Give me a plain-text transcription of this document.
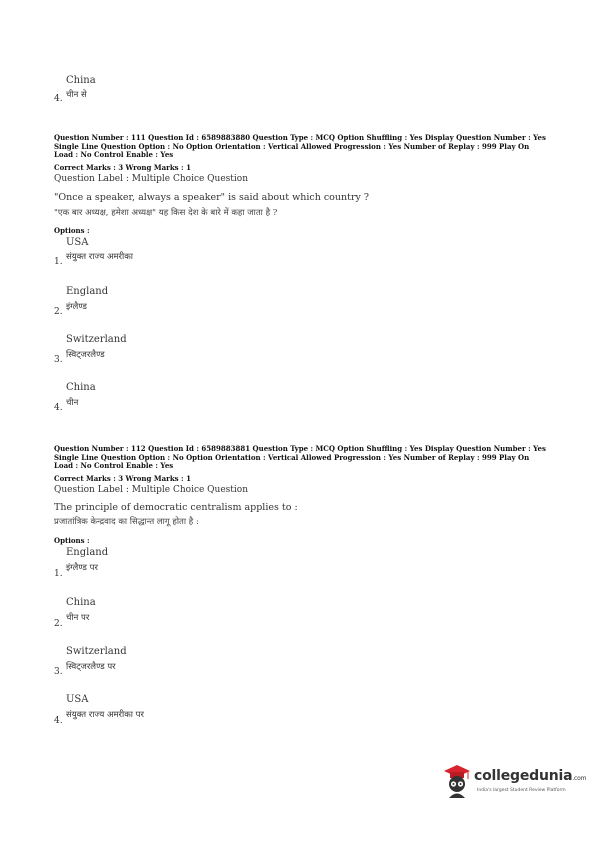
China
4. चीन से
Question Number : 111 Question Id : 6589883880 Question Type : MCQ Option Shuffling : Yes Display Question Number : Yes Single Line Question Option : No Option Orientation : Vertical Allowed Progression : Yes Number of Replay : 999 Play On Load : No Control Enable : Yes
Correct Marks : 3 Wrong Marks : 1
Question Label : Multiple Choice Question
"Once a speaker, always a speaker" is said about which country ?
"एक बार अध्यक्ष, हमेशा अध्यक्ष" यह किस देश के बारे में कहा जाता है ?
Options :
USA
संयुक्त राज्य अमरीका
1.
England
इंग्लैण्ड
2.
Switzerland
स्विट्जरलैण्ड
3.
China
चीन
4.
Question Number : 112 Question Id : 6589883881 Question Type : MCQ Option Shuffling : Yes Display Question Number : Yes Single Line Question Option : No Option Orientation : Vertical Allowed Progression : Yes Number of Replay : 999 Play On Load : No Control Enable : Yes
Correct Marks : 3 Wrong Marks : 1
Question Label : Multiple Choice Question
The principle of democratic centralism applies to :
प्रजातांत्रिक केन्द्रवाद का सिद्धान्त लागू होता है :
Options :
England
इंग्लैण्ड पर
1.
China
चीन पर
2.
Switzerland
स्विट्जरलैण्ड पर
3.
USA
संयुक्त राज्य अमरीका पर
4.
collegedunia.com
India's largest Student Review Platform
